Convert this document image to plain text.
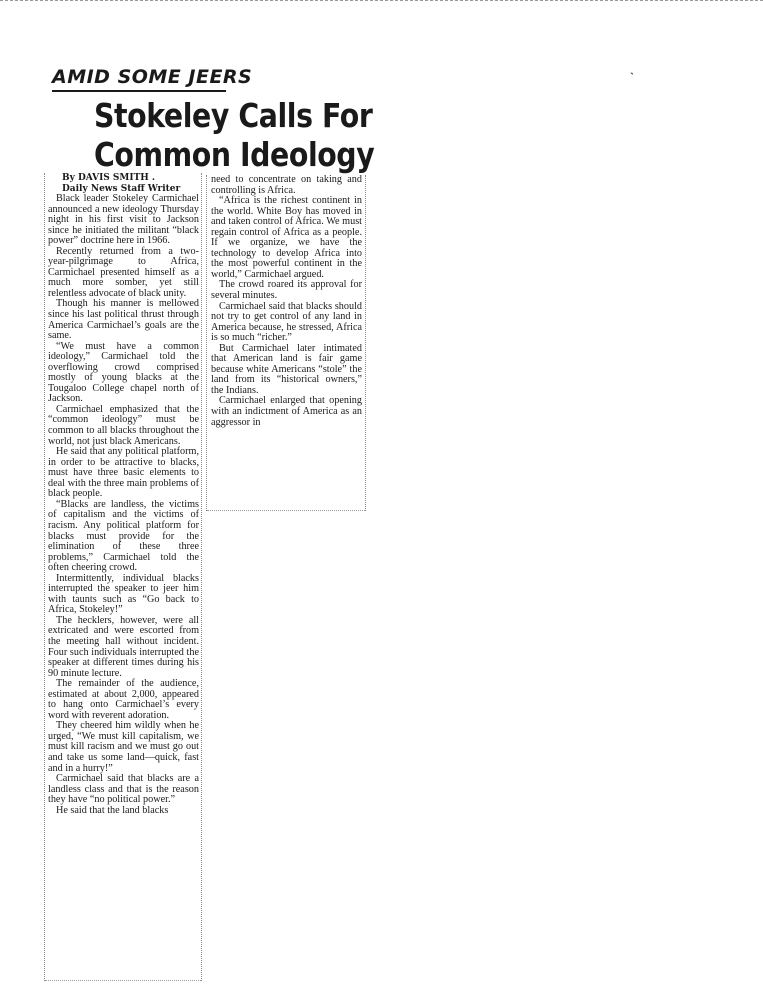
`
AMID SOME JEERS
Stokeley Calls For
Common Ideology
By DAVIS SMITH .
Daily News Staff Writer

Black leader Stokeley Carmichael announced a new ideology Thursday night in his first visit to Jackson since he initiated the militant “black power” doctrine here in 1966.

Recently returned from a two-year-pilgrimage to Africa, Carmichael presented himself as a much more somber, yet still relentless advocate of black unity.

Though his manner is mellowed since his last political thrust through America Carmichael’s goals are the same.

“We must have a common ideology,” Carmichael told the overflowing crowd comprised mostly of young blacks at the Tougaloo College chapel north of Jackson.

Carmichael emphasized that the “common ideology” must be common to all blacks throughout the world, not just black Americans.

He said that any political platform, in order to be attractive to blacks, must have three basic elements to deal with the three main problems of black people.

“Blacks are landless, the victims of capitalism and the victims of racism. Any political platform for blacks must provide for the elimination of these three problems,” Carmichael told the often cheering crowd.

Intermittently, individual blacks interrupted the speaker to jeer him with taunts such as “Go back to Africa, Stokeley!”

The hecklers, however, were all extricated and were escorted from the meeting hall without incident. Four such individuals interrupted the speaker at different times during his 90 minute lecture.

The remainder of the audience, estimated at about 2,000, appeared to hang onto Carmichael’s every word with reverent adoration.

They cheered him wildly when he urged, “We must kill capitalism, we must kill racism and we must go out and take us some land—quick, fast and in a hurry!”

Carmichael said that blacks are a landless class and that is the reason they have “no political power.”

He said that the land blacks

need to concentrate on taking and controlling is Africa.

“Africa is the richest continent in the world. White Boy has moved in and taken control of Africa. We must regain control of Africa as a people. If we organize, we have the technology to develop Africa into the most powerful continent in the world,” Carmichael argued.

The crowd roared its approval for several minutes.

Carmichael said that blacks should not try to get control of any land in America because, he stressed, Africa is so much “richer.”

But Carmichael later intimated that American land is fair game because white Americans “stole” the land from its “historical owners,” the Indians.

Carmichael enlarged that opening with an indictment of America as an aggressor in
